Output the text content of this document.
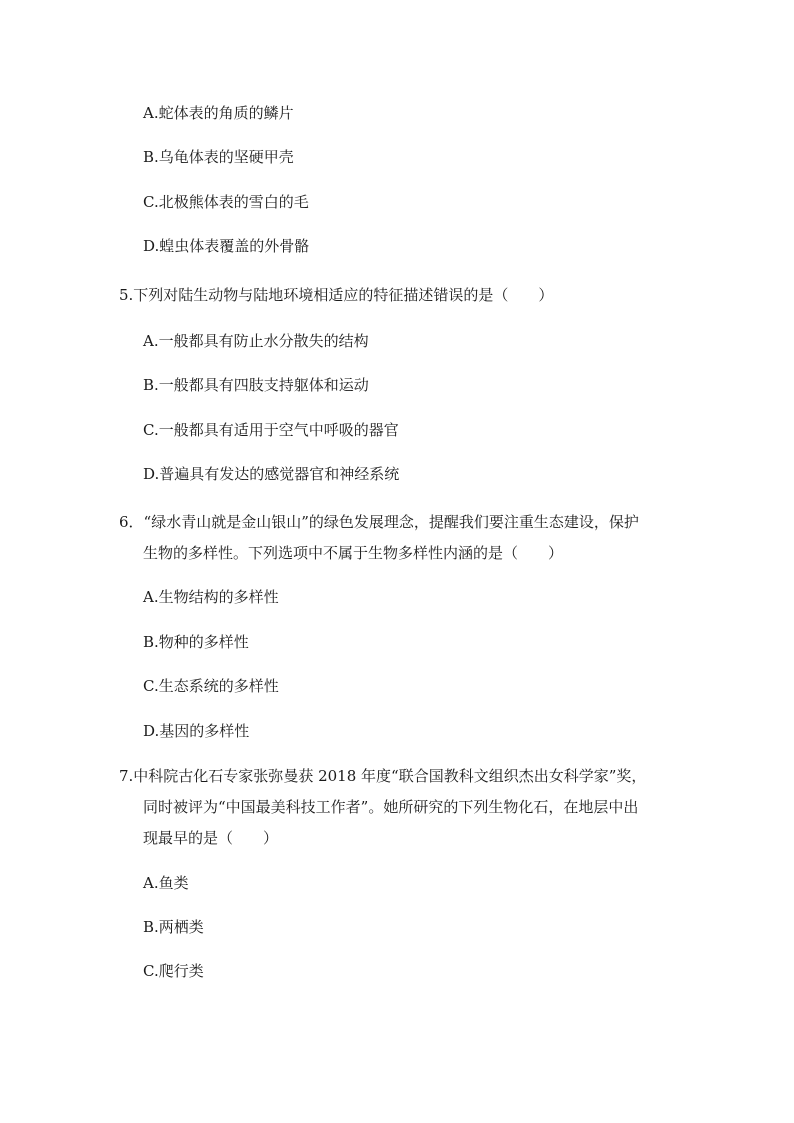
A.蛇体表的角质的鳞片
B.乌龟体表的坚硬甲壳
C.北极熊体表的雪白的毛
D.蝗虫体表覆盖的外骨骼
5.下列对陆生动物与陆地环境相适应的特征描述错误的是（　　）
A.一般都具有防止水分散失的结构
B.一般都具有四肢支持躯体和运动
C.一般都具有适用于空气中呼吸的器官
D.普遍具有发达的感觉器官和神经系统
6．“绿水青山就是金山银山”的绿色发展理念，提醒我们要注重生态建设，保护
生物的多样性。下列选项中不属于生物多样性内涵的是（　　）
A.生物结构的多样性
B.物种的多样性
C.生态系统的多样性
D.基因的多样性
7.中科院古化石专家张弥曼获 2018 年度“联合国教科文组织杰出女科学家”奖，
同时被评为“中国最美科技工作者”。她所研究的下列生物化石，在地层中出
现最早的是（　　）
A.鱼类
B.两栖类
C.爬行类
